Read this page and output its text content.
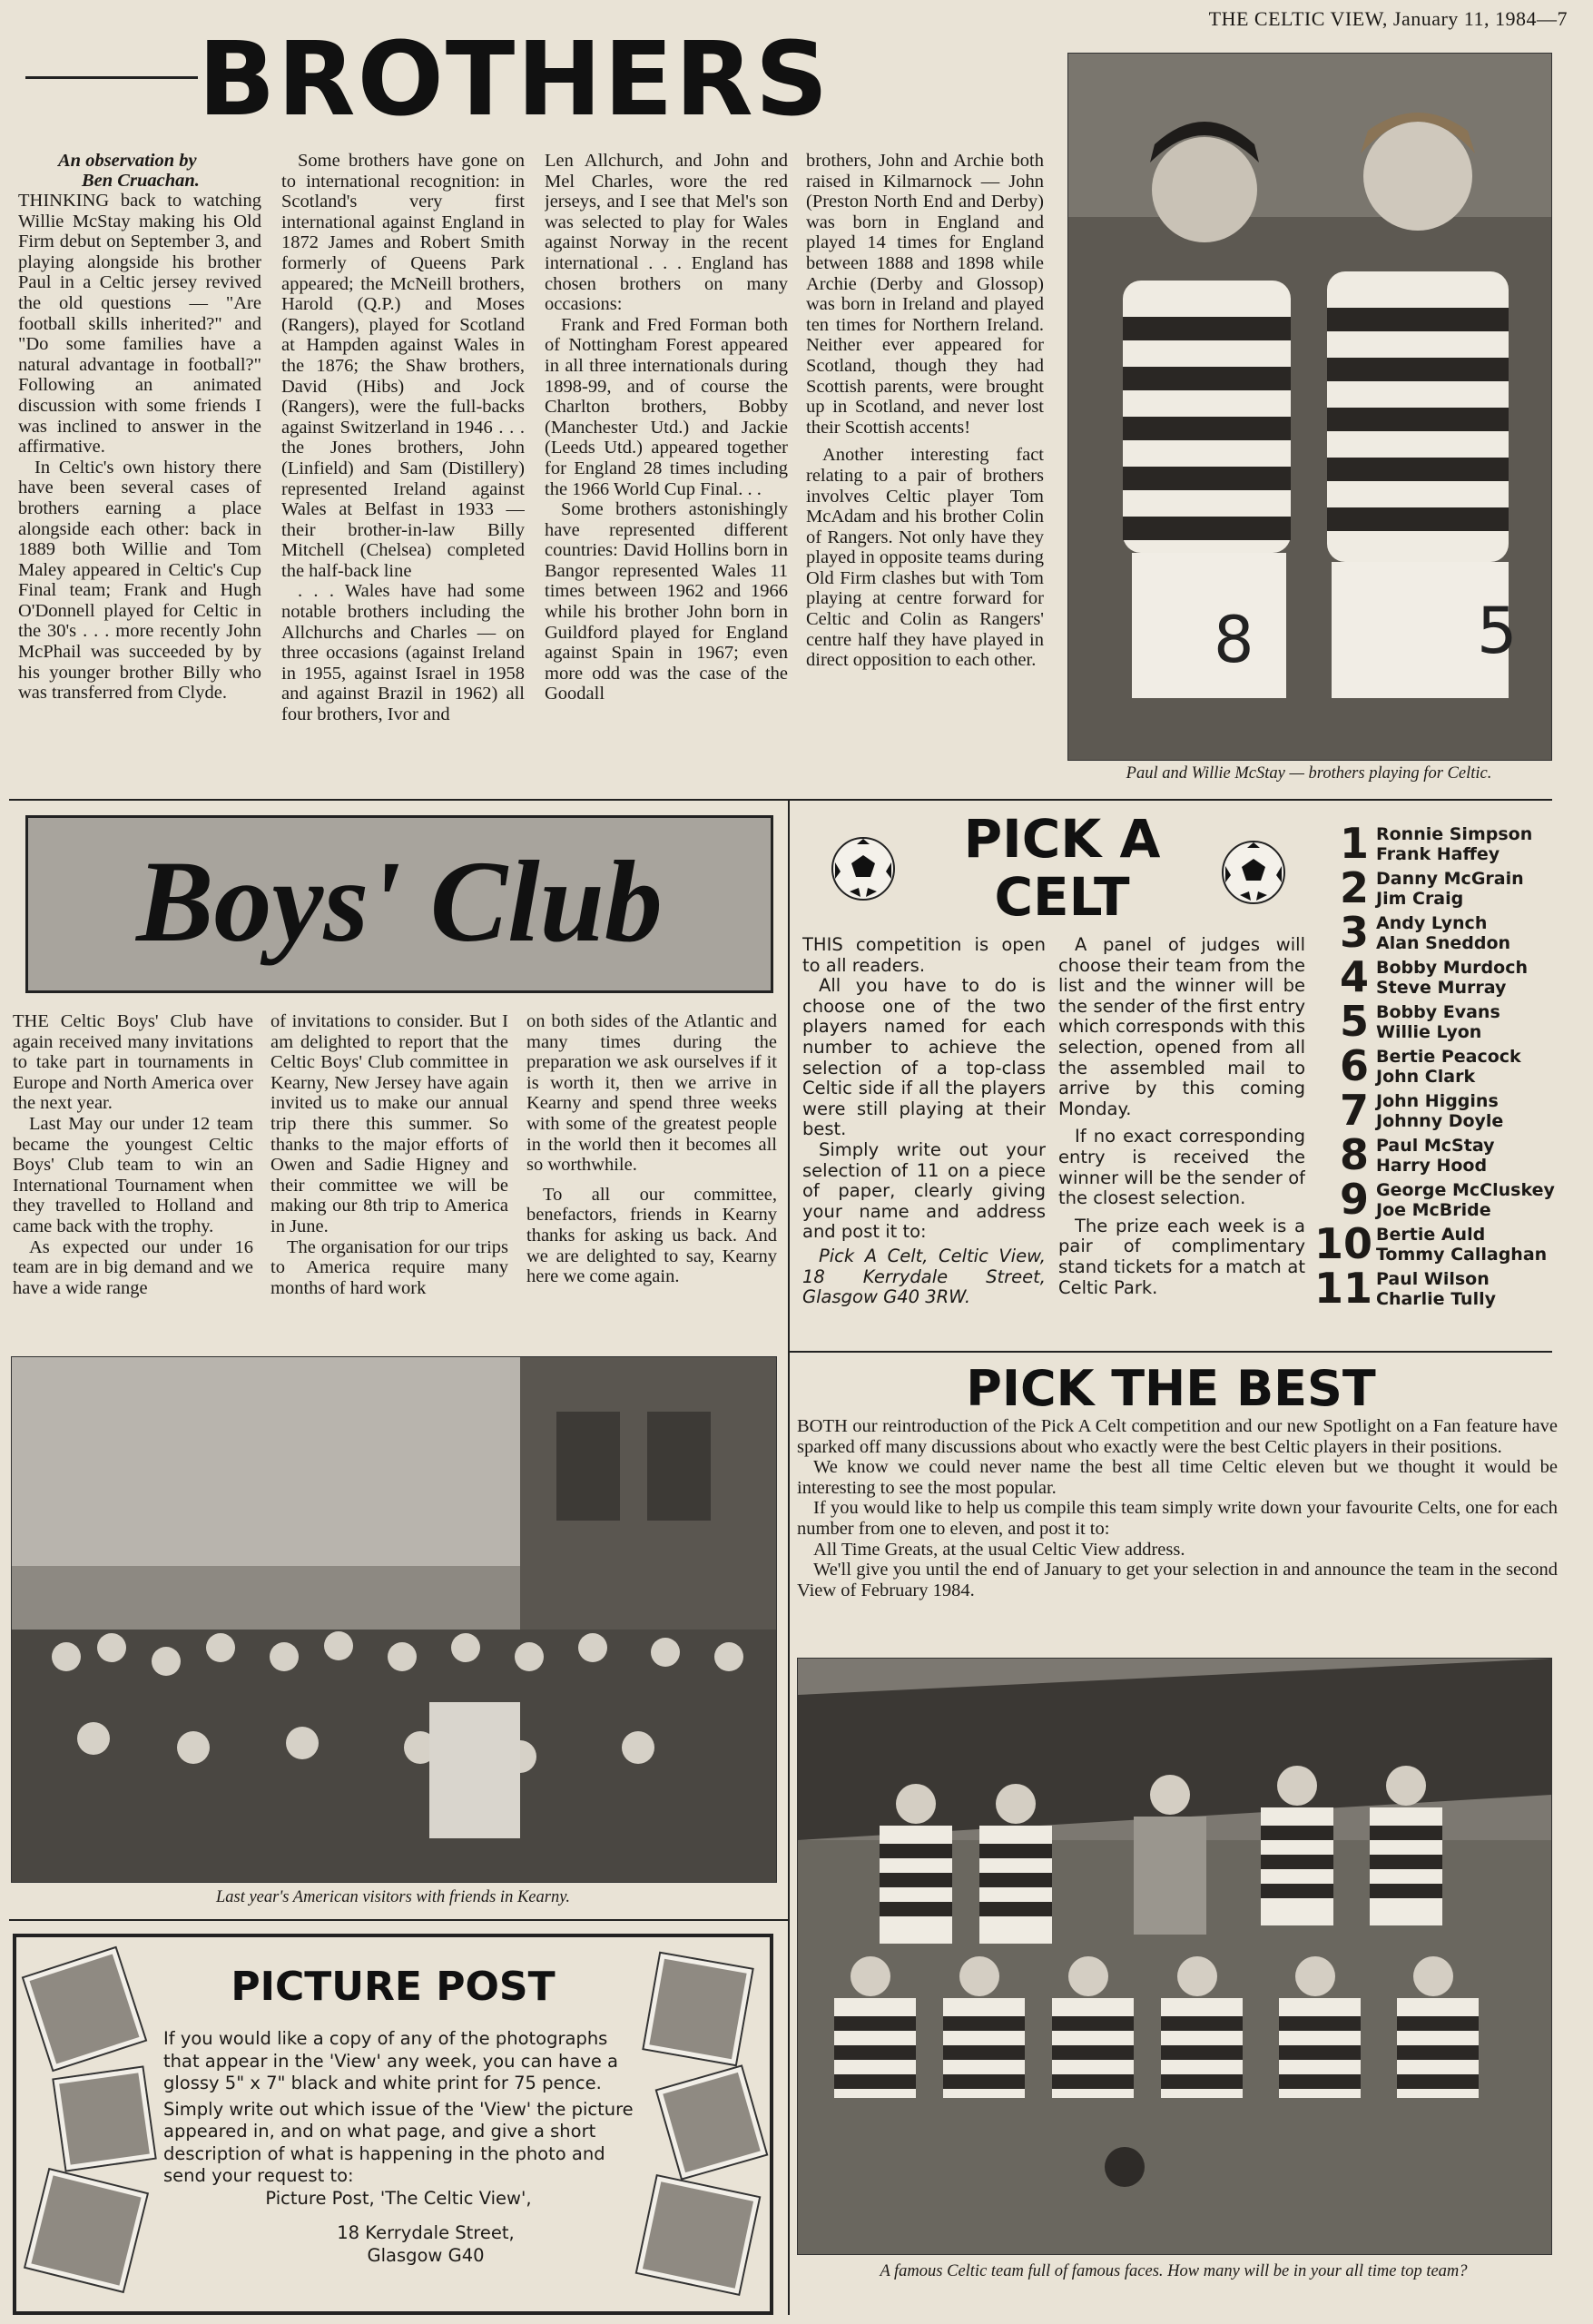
THE CELTIC VIEW, January 11, 1984—7
BROTHERS

An observation by

Ben Cruachan.

THINKING back to watching Willie McStay making his Old Firm debut on September 3, and playing alongside his brother Paul in a Celtic jersey revived the old questions — "Are football skills inherited?" and "Do some families have a natural advantage in football?" Following an animated discussion with some friends I was inclined to answer in the affirmative.

In Celtic's own history there have been several cases of brothers earning a place alongside each other: back in 1889 both Willie and Tom Maley appeared in Celtic's Cup Final team; Frank and Hugh O'Donnell played for Celtic in the 30's . . . more recently John McPhail was succeeded by by his younger brother Billy who was transferred from Clyde.

Some brothers have gone on to international recognition: in Scotland's very first international against England in 1872 James and Robert Smith formerly of Queens Park appeared; the McNeill brothers, Harold (Q.P.) and Moses (Rangers), played for Scotland at Hampden against Wales in the 1876; the Shaw brothers, David (Hibs) and Jock (Rangers), were the full-backs against Switzerland in 1946 . . . the Jones brothers, John (Linfield) and Sam (Distillery) represented Ireland against Wales at Belfast in 1933 — their brother-in-law Billy Mitchell (Chelsea) completed the half-back line

. . . Wales have had some notable brothers including the Allchurchs and Charles — on three occasions (against Ireland in 1955, against Israel in 1958 and against Brazil in 1962) all four brothers, Ivor and

Len Allchurch, and John and Mel Charles, wore the red jerseys, and I see that Mel's son was selected to play for Wales against Norway in the recent international . . . England has chosen brothers on many occasions:

Frank and Fred Forman both of Nottingham Forest appeared in all three internationals during 1898-99, and of course the Charlton brothers, Bobby (Manchester Utd.) and Jackie (Leeds Utd.) appeared together for England 28 times including the 1966 World Cup Final. . .

Some brothers astonishingly have represented different countries: David Hollins born in Bangor represented Wales 11 times between 1962 and 1966 while his brother John born in Guildford played for England against Spain in 1967; even more odd was the case of the Goodall

brothers, John and Archie both raised in Kilmarnock — John (Preston North End and Derby) was born in England and played 14 times for England between 1888 and 1898 while Archie (Derby and Glossop) was born in Ireland and played ten times for Northern Ireland. Neither ever appeared for Scotland, though they had Scottish parents, were brought up in Scotland, and never lost their Scottish accents!

Another interesting fact relating to a pair of brothers involves Celtic player Tom McAdam and his brother Colin of Rangers. Not only have they played in opposite teams during Old Firm clashes but with Tom playing at centre forward for Celtic and Colin as Rangers' centre half they have played in direct opposition to each other.	8	5
Paul and Willie McStay — brothers playing for Celtic.
Boys' Club

THE Celtic Boys' Club have again received many invitations to take part in tournaments in Europe and North America over the next year.

Last May our under 12 team became the youngest Celtic Boys' Club team to win an International Tournament when they travelled to Holland and came back with the trophy.

As expected our under 16 team are in big demand and we have a wide range

of invitations to consider. But I am delighted to report that the Celtic Boys' Club committee in Kearny, New Jersey have again invited us to make our annual trip there this summer. So thanks to the major efforts of Owen and Sadie Higney and their committee we will be making our 8th trip to America in June.

The organisation for our trips to America require many months of hard work

on both sides of the Atlantic and many times during the preparation we ask ourselves if it is worth it, then we arrive in Kearny and spend three weeks with some of the greatest people in the world then it becomes all so worthwhile.

To all our committee, benefactors, friends in Kearny thanks for asking us back. And we are delighted to say, Kearny here we come again.

Last year's American visitors with friends in Kearny.
PICTURE POST

If you would like a copy of any of the photographs that appear in the 'View' any week, you can have a glossy 5" x 7" black and white print for 75 pence.

Simply write out which issue of the 'View' the picture appeared in, and on what page, and give a short description of what is happening in the photo and send your request to:

Picture Post, 'The Celtic View',

18 Kerrydale Street,

Glasgow G40

PICK A
CELT

THIS competition is open to all readers.

All you have to do is choose one of the two players named for each number to achieve the selection of a top-class Celtic side if all the players were still playing at their best.

Simply write out your selection of 11 on a piece of paper, clearly giving your name and address and post it to:

Pick A Celt, Celtic View, 18 Kerrydale Street, Glasgow G40 3RW.

A panel of judges will choose their team from the list and the winner will be the sender of the first entry which corresponds with this selection, opened from all the assembled mail to arrive by this coming Monday.

If no exact corresponding entry is received the winner will be the sender of the closest selection.

The prize each week is a pair of complimentary stand tickets for a match at Celtic Park.

1 Ronnie Simpson
Frank Haffey
2 Danny McGrain
Jim Craig
3 Andy Lynch
Alan Sneddon
4 Bobby Murdoch
Steve Murray
5 Bobby Evans
Willie Lyon
6 Bertie Peacock
John Clark
7 John Higgins
Johnny Doyle
8 Paul McStay
Harry Hood
9 George McCluskey
Joe McBride
10 Bertie Auld
Tommy Callaghan
11 Paul Wilson
Charlie Tully
PICK THE BEST

BOTH our reintroduction of the Pick A Celt competition and our new Spotlight on a Fan feature have sparked off many discussions about who exactly were the best Celtic players in their positions.

We know we could never name the best all time Celtic eleven but we thought it would be interesting to see the most popular.

If you would like to help us compile this team simply write down your favourite Celts, one for each number from one to eleven, and post it to:

All Time Greats, at the usual Celtic View address.

We'll give you until the end of January to get your selection in and announce the team in the second View of February 1984.

A famous Celtic team full of famous faces. How many will be in your all time top team?
